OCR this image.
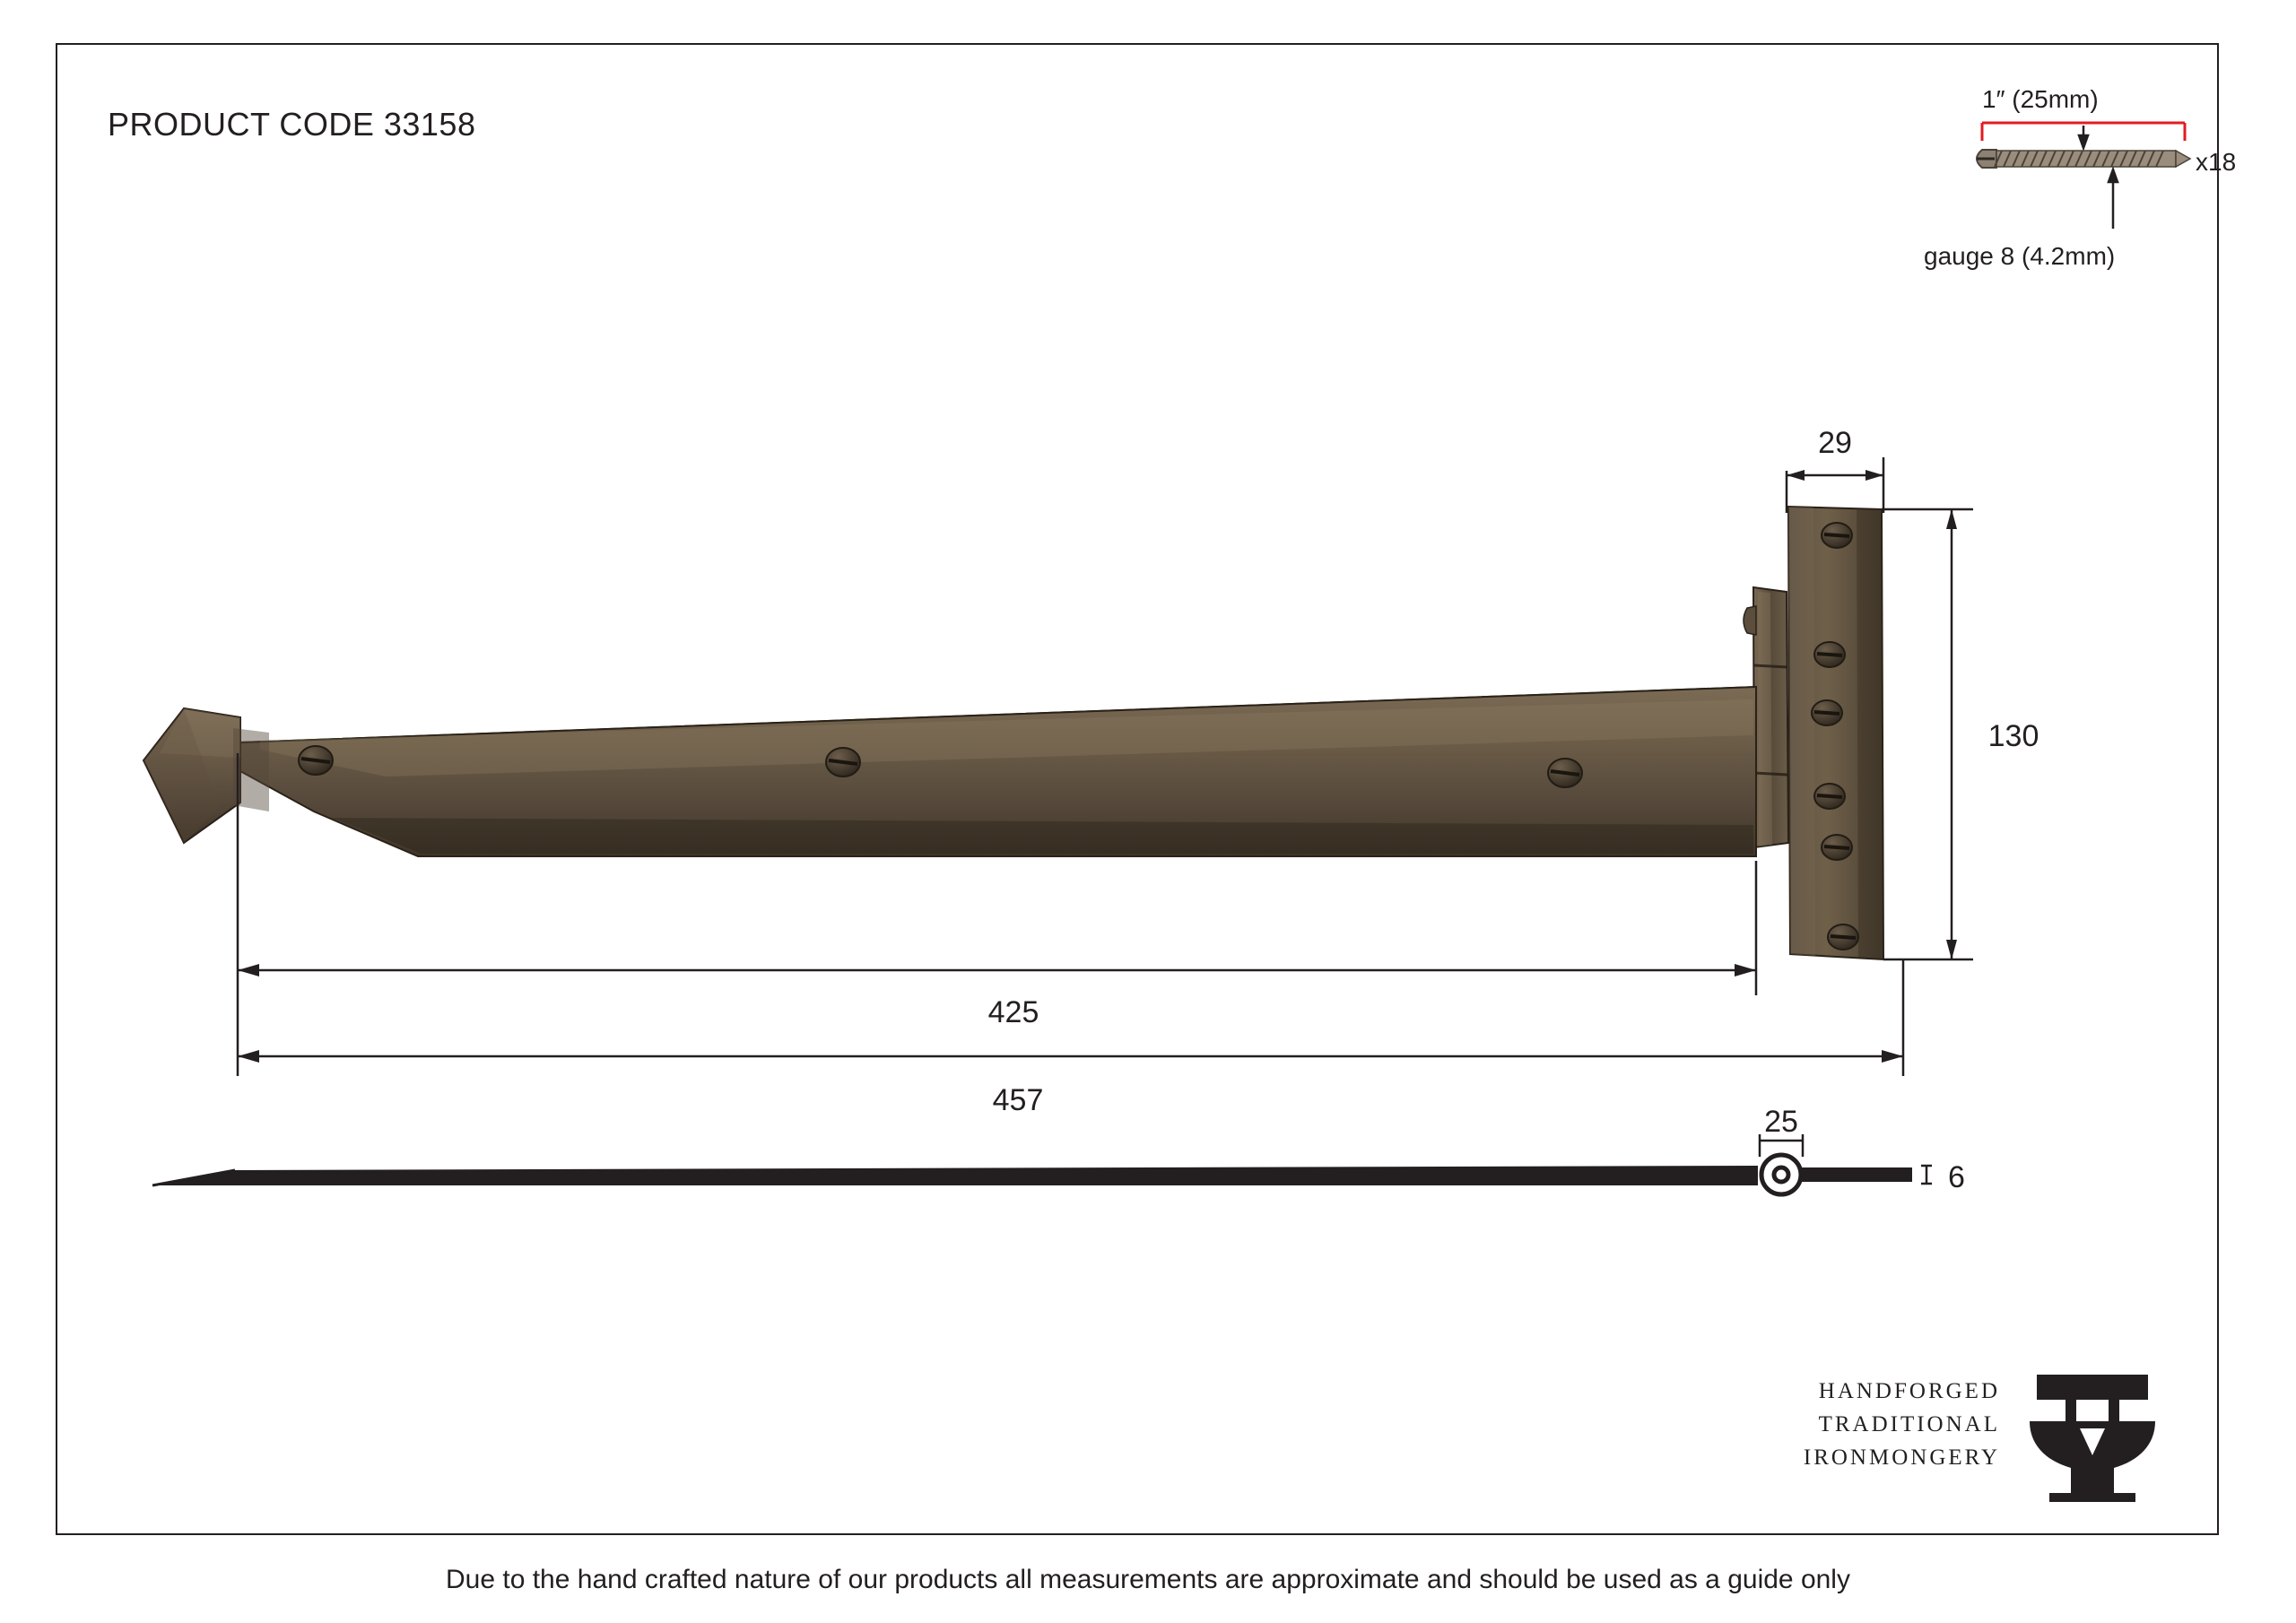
PRODUCT CODE 33158
1″ (25mm)
x18
gauge 8 (4.2mm)
29
130
425
457
25
6
HANDFORGED
TRADITIONAL
IRONMONGERY
Due to the hand crafted nature of our products all measurements are approximate and should be used as a guide only
